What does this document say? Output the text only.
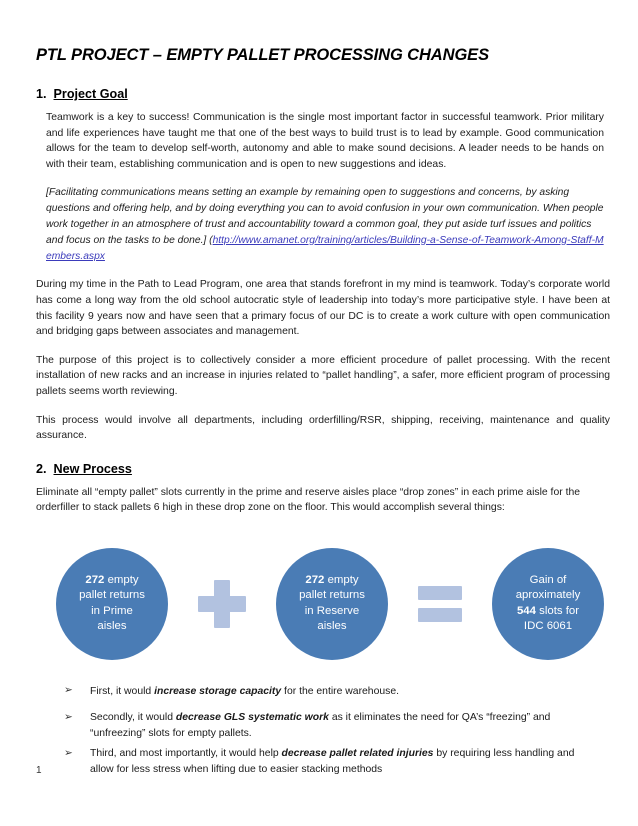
PTL PROJECT – EMPTY PALLET PROCESSING CHANGES
1. Project Goal

Teamwork is a key to success! Communication is the single most important factor in successful teamwork. Prior military and life experiences have taught me that one of the best ways to build trust is to lead by example. Good communication allows for the team to develop self-worth, autonomy and able to make sound decisions. A leader needs to be hands on with their team, establishing communication and is open to new suggestions and ideas.

[Facilitating communications means setting an example by remaining open to suggestions and concerns, by asking questions and offering help, and by doing everything you can to avoid confusion in your own communication. When people work together in an atmosphere of trust and accountability toward a common goal, they put aside turf issues and politics and focus on the tasks to be done.] (http://www.amanet.org/training/articles/Building-a-Sense-of-Teamwork-Among-Staff-Members.aspx

During my time in the Path to Lead Program, one area that stands forefront in my mind is teamwork. Today’s corporate world has come a long way from the old school autocratic style of leadership into today’s more participative style. I have been at this facility 9 years now and have seen that a primary focus of our DC is to create a work culture with open communication and bridging gaps between associates and management.

The purpose of this project is to collectively consider a more efficient procedure of pallet processing. With the recent installation of new racks and an increase in injuries related to “pallet handling”, a safer, more efficient program of processing pallets seems worth reviewing.

This process would involve all departments, including orderfilling/RSR, shipping, receiving, maintenance and quality assurance.

2. New Process

Eliminate all “empty pallet” slots currently in the prime and reserve aisles place “drop zones” in each prime aisle for the orderfiller to stack pallets 6 high in these drop zone on the floor. This would accomplish several things:

272 empty
pallet returns
in Prime
aisles
272 empty
pallet returns
in Reserve
aisles
Gain of
aproximately
544 slots for
IDC 6061
➢ First, it would increase storage capacity for the entire warehouse.
➢ Secondly, it would decrease GLS systematic work as it eliminates the need for QA’s “freezing” and “unfreezing” slots for empty pallets.
➢ Third, and most importantly, it would help decrease pallet related injuries by requiring less handling and allow for less stress when lifting due to easier stacking methods
1
